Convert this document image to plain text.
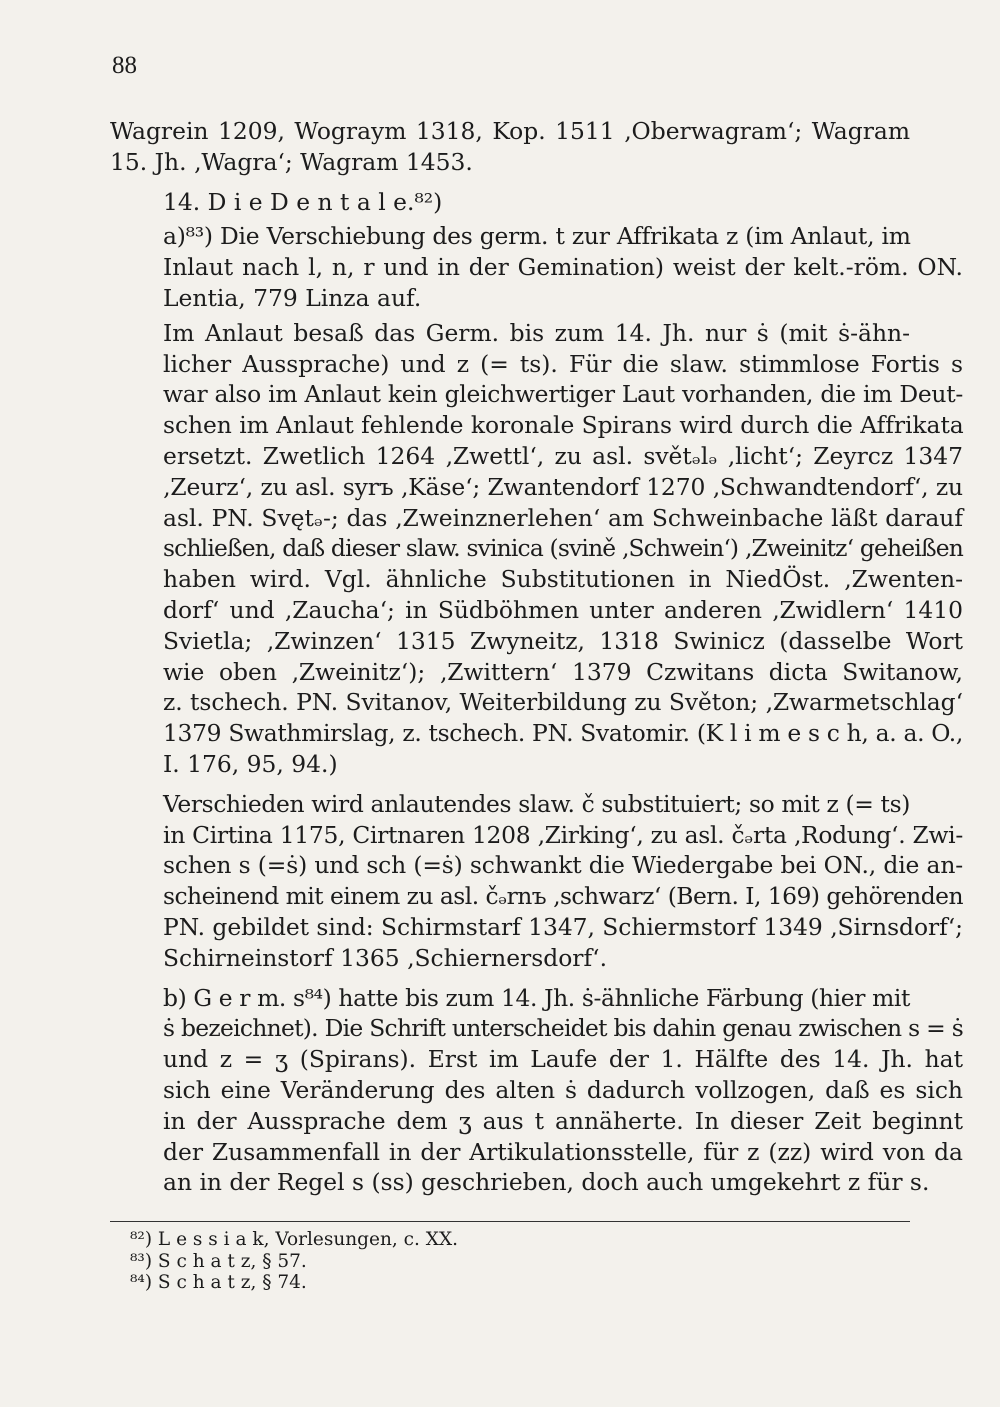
88

Wagrein 1209, Wograym 1318, Kop. 1511 ‚Oberwagram‘; Wagram
15. Jh. ‚Wagra‘; Wagram 1453.

14. D i e D e n t a l e.⁸²)

a)⁸³) Die Verschiebung des germ. t zur Affrikata z (im Anlaut, im
Inlaut nach l, n, r und in der Gemination) weist der kelt.-röm. ON.
Lentia, 779 Linza auf.

Im Anlaut besaß das Germ. bis zum 14. Jh. nur ṡ (mit ṡ-ähn-
licher Aussprache) und z (= ts). Für die slaw. stimmlose Fortis s
war also im Anlaut kein gleichwertiger Laut vorhanden, die im Deut-
schen im Anlaut fehlende koronale Spirans wird durch die Affrikata
ersetzt. Zwetlich 1264 ‚Zwettl‘, zu asl. světₔlₔ ‚licht‘; Zeyrcz 1347
‚Zeurz‘, zu asl. syrъ ‚Käse‘; Zwantendorf 1270 ‚Schwandtendorf‘, zu
asl. PN. Svętₔ-; das ‚Zweinznerlehen‘ am Schweinbache läßt darauf
schließen, daß dieser slaw. svinica (svině ‚Schwein‘) ‚Zweinitz‘ geheißen
haben wird. Vgl. ähnliche Substitutionen in NiedÖst. ‚Zwenten-
dorf‘ und ‚Zaucha‘; in Südböhmen unter anderen ‚Zwidlern‘ 1410
Svietla; ‚Zwinzen‘ 1315 Zwyneitz, 1318 Swinicz (dasselbe Wort
wie oben ‚Zweinitz‘); ‚Zwittern‘ 1379 Czwitans dicta Switanow,
z. tschech. PN. Svitanov, Weiterbildung zu Světon; ‚Zwarmetschlag‘
1379 Swathmirslag, z. tschech. PN. Svatomir. (K l i m e s c h, a. a. O.,
I. 176, 95, 94.)

Verschieden wird anlautendes slaw. č substituiert; so mit z (= ts)
in Cirtina 1175, Cirtnaren 1208 ‚Zirking‘, zu asl. čₔrtа ‚Rodung‘. Zwi-
schen s (=ṡ) und sch (=ṡ) schwankt die Wiedergabe bei ON., die an-
scheinend mit einem zu asl. čₔrnъ ‚schwarz‘ (Bern. I, 169) gehörenden
PN. gebildet sind: Schirmstarf 1347, Schiermstorf 1349 ‚Sirnsdorf‘;
Schirneinstorf 1365 ‚Schiernersdorf‘.

b) G e r m. s⁸⁴) hatte bis zum 14. Jh. ṡ-ähnliche Färbung (hier mit
ṡ bezeichnet). Die Schrift unterscheidet bis dahin genau zwischen s = ṡ
und z = ʒ (Spirans). Erst im Laufe der 1. Hälfte des 14. Jh. hat
sich eine Veränderung des alten ṡ dadurch vollzogen, daß es sich
in der Aussprache dem ʒ aus t annäherte. In dieser Zeit beginnt
der Zusammenfall in der Artikulationsstelle, für z (zz) wird von da
an in der Regel s (ss) geschrieben, doch auch umgekehrt z für s.

⁸²) L e s s i a k, Vorlesungen, c. XX.
⁸³) S c h a t z, § 57.
⁸⁴) S c h a t z, § 74.
